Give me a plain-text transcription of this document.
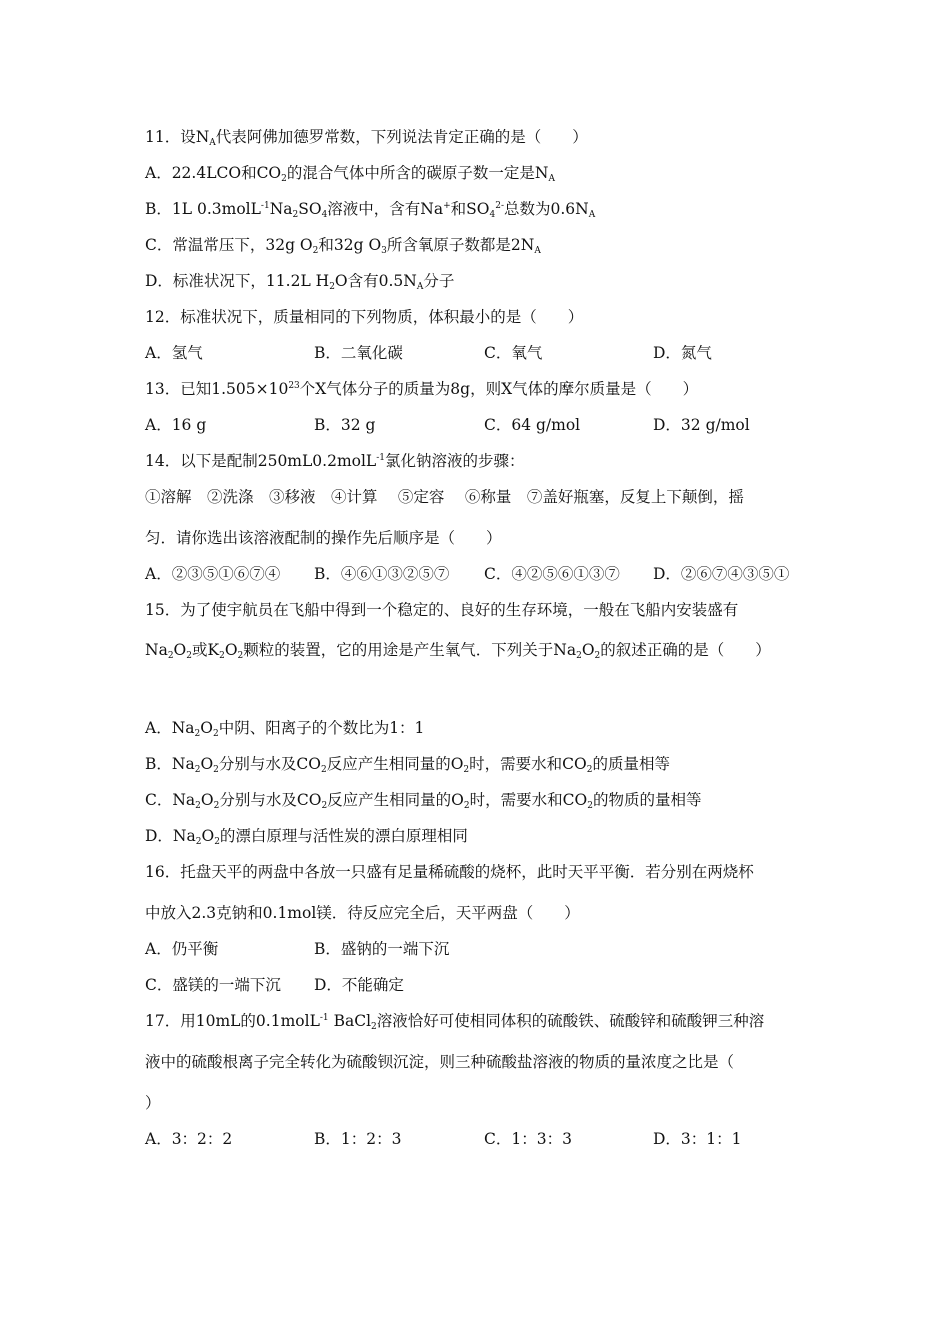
11．设$N_A$代表阿佛加德罗常数，下列说法肯定正确的是（　　）
A．22.4LCO和$CO_2$的混合气体中所含的碳原子数一定是$N_A$
B．1L $0.3molL^{-1}Na_2SO_4$溶液中，含有Na+和$SO_4^{2-}$总数为$0.6N_A$
C．常温常压下，32g $O_2$和32g $O_3$所含氧原子数都是$2N_A$
D．标准状况下，11.2L $H_2O$含有$0.5N_A$分子
12．标准状况下，质量相同的下列物质，体积最小的是（　　）
A．氢气	B．二氧化碳	C．氧气	D．氮气
13．已知$1.505\times 10^{23}$个X气体分子的质量为8g，则X气体的摩尔质量是（　　）
A．16 g	B．32 g	C．64 g/mol	D．32 g/mol
14．以下是配制250mL0.2molL$^{-1}$氯化钠溶液的步骤：
①溶解　②洗涤　③移液　④计算　 ⑤定容　 ⑥称量　⑦盖好瓶塞，反复上下颠倒，摇
匀．请你选出该溶液配制的操作先后顺序是（　　）
A．②③⑤①⑥⑦④ B．④⑥①③②⑤⑦ C．④②⑤⑥①③⑦ D．②⑥⑦④③⑤①
15．为了使宇航员在飞船中得到一个稳定的、良好的生存环境，一般在飞船内安装盛有
$Na_2O_2$或$K_2O_2$颗粒的装置，它的用途是产生氧气．下列关于$Na_2O_2$的叙述正确的是（　　）
A．$Na_2O_2$中阴、阳离子的个数比为1：1
B．$Na_2O_2$分别与水及$CO_2$反应产生相同量的$O_2$时，需要水和$CO_2$的质量相等
C．$Na_2O_2$分别与水及$CO_2$反应产生相同量的$O_2$时，需要水和$CO_2$的物质的量相等
D．$Na_2O_2$的漂白原理与活性炭的漂白原理相同
16．托盘天平的两盘中各放一只盛有足量稀硫酸的烧杯，此时天平平衡．若分别在两烧杯
中放入2.3克钠和0.1mol镁．待反应完全后，天平两盘（　　）
A．仍平衡	B．盛钠的一端下沉
C．盛镁的一端下沉 D．不能确定
17．用10mL的0.1molL$^{-1}$ BaCl$_2$溶液恰好可使相同体积的硫酸铁、硫酸锌和硫酸钾三种溶
液中的硫酸根离子完全转化为硫酸钡沉淀，则三种硫酸盐溶液的物质的量浓度之比是（
）
A．3：2：2	B．1：2：3	C．1：3：3	D．3：1：1
